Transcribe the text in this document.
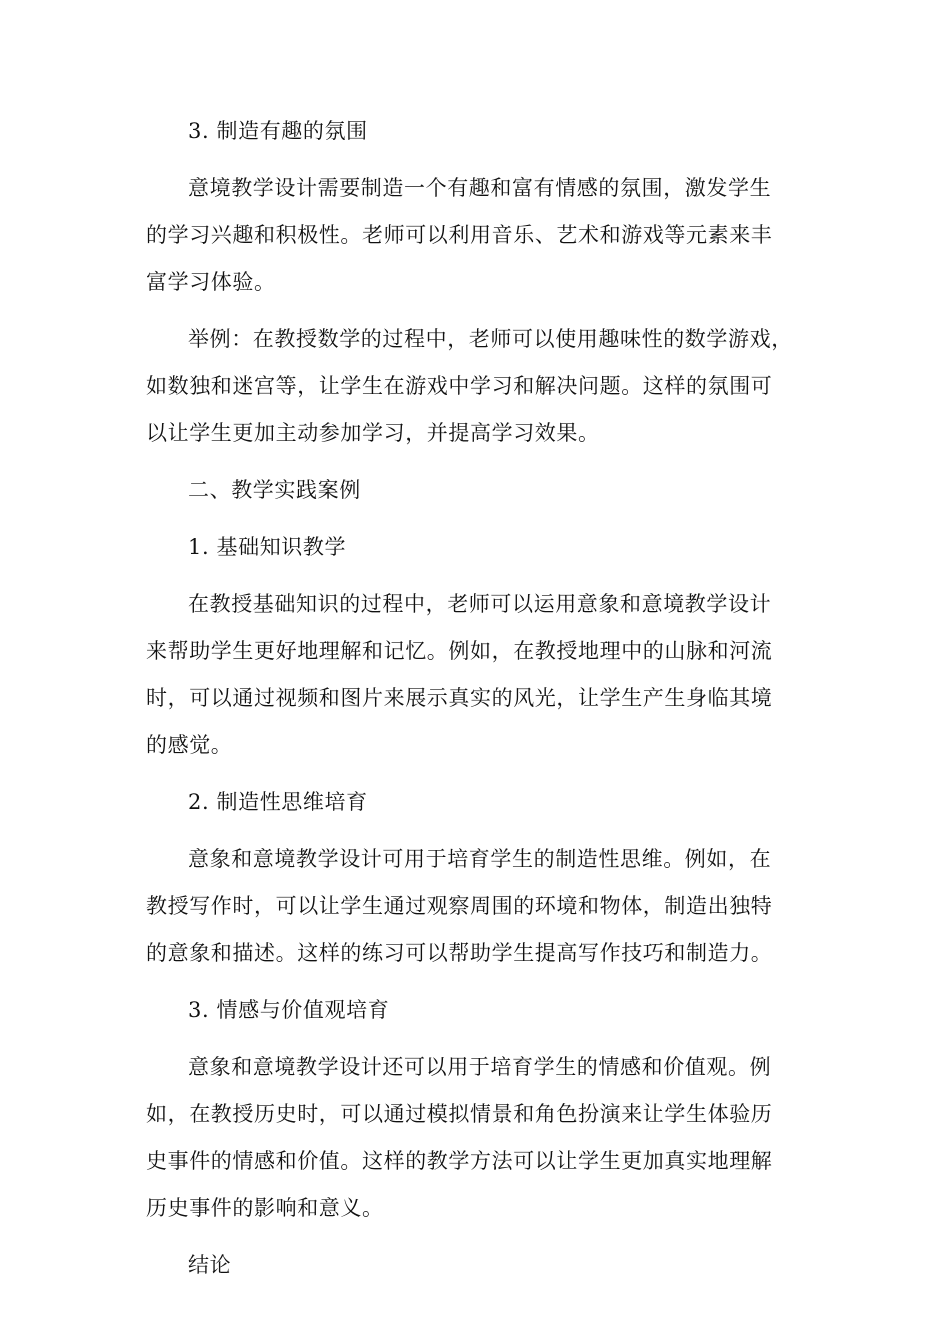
3. 制造有趣的氛围
意境教学设计需要制造一个有趣和富有情感的氛围，激发学生
的学习兴趣和积极性。老师可以利用音乐、艺术和游戏等元素来丰
富学习体验。
举例：在教授数学的过程中，老师可以使用趣味性的数学游戏，
如数独和迷宫等，让学生在游戏中学习和解决问题。这样的氛围可
以让学生更加主动参加学习，并提高学习效果。
二、教学实践案例
1. 基础知识教学
在教授基础知识的过程中，老师可以运用意象和意境教学设计
来帮助学生更好地理解和记忆。例如，在教授地理中的山脉和河流
时，可以通过视频和图片来展示真实的风光，让学生产生身临其境
的感觉。
2. 制造性思维培育
意象和意境教学设计可用于培育学生的制造性思维。例如，在
教授写作时，可以让学生通过观察周围的环境和物体，制造出独特
的意象和描述。这样的练习可以帮助学生提高写作技巧和制造力。
3. 情感与价值观培育
意象和意境教学设计还可以用于培育学生的情感和价值观。例
如，在教授历史时，可以通过模拟情景和角色扮演来让学生体验历
史事件的情感和价值。这样的教学方法可以让学生更加真实地理解
历史事件的影响和意义。
结论
